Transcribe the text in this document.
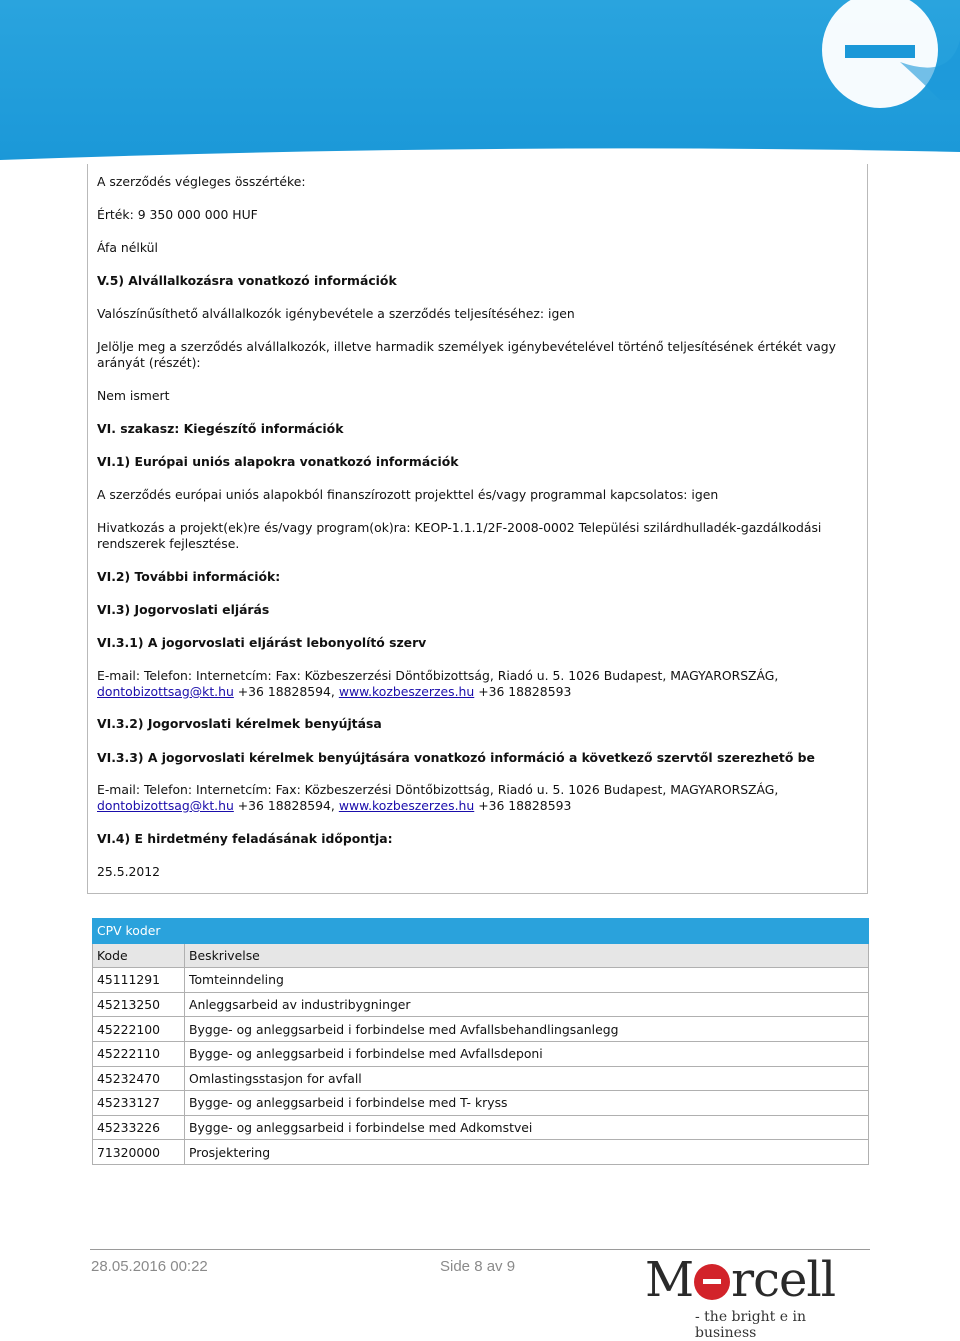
A szerződés végleges összértéke:
Érték: 9 350 000 000 HUF
Áfa nélkül
V.5) Alvállalkozásra vonatkozó információk
Valószínűsíthető alvállalkozók igénybevétele a szerződés teljesítéséhez: igen
Jelölje meg a szerződés alvállalkozók, illetve harmadik személyek igénybevételével történő teljesítésének értékét vagy arányát (részét):
Nem ismert
VI. szakasz: Kiegészítő információk
VI.1) Európai uniós alapokra vonatkozó információk
A szerződés európai uniós alapokból finanszírozott projekttel és/vagy programmal kapcsolatos: igen
Hivatkozás a projekt(ek)re és/vagy program(ok)ra: KEOP-1.1.1/2F-2008-0002 Települési szilárdhulladék-gazdálkodási rendszerek fejlesztése.
VI.2) További információk:
VI.3) Jogorvoslati eljárás
VI.3.1) A jogorvoslati eljárást lebonyolító szerv
E-mail: Telefon: Internetcím: Fax: Közbeszerzési Döntőbizottság, Riadó u. 5. 1026 Budapest, MAGYARORSZÁG,
dontobizottsag@kt.hu +36 18828594, www.kozbeszerzes.hu +36 18828593
VI.3.2) Jogorvoslati kérelmek benyújtása
VI.3.3) A jogorvoslati kérelmek benyújtására vonatkozó információ a következő szervtől szerezhető be
E-mail: Telefon: Internetcím: Fax: Közbeszerzési Döntőbizottság, Riadó u. 5. 1026 Budapest, MAGYARORSZÁG,
dontobizottsag@kt.hu +36 18828594, www.kozbeszerzes.hu +36 18828593
VI.4) E hirdetmény feladásának időpontja:
25.5.2012
CPV koder	
Kode	Beskrivelse
45111291	Tomteinndeling
45213250	Anleggsarbeid av industribygninger
45222100	Bygge- og anleggsarbeid i forbindelse med Avfallsbehandlingsanlegg
45222110	Bygge- og anleggsarbeid i forbindelse med Avfallsdeponi
45232470	Omlastingsstasjon for avfall
45233127	Bygge- og anleggsarbeid i forbindelse med T- kryss
45233226	Bygge- og anleggsarbeid i forbindelse med Adkomstvei
71320000	Prosjektering
28.05.2016 00:22	Side 8 av 9	M rcell
- the bright e in business
